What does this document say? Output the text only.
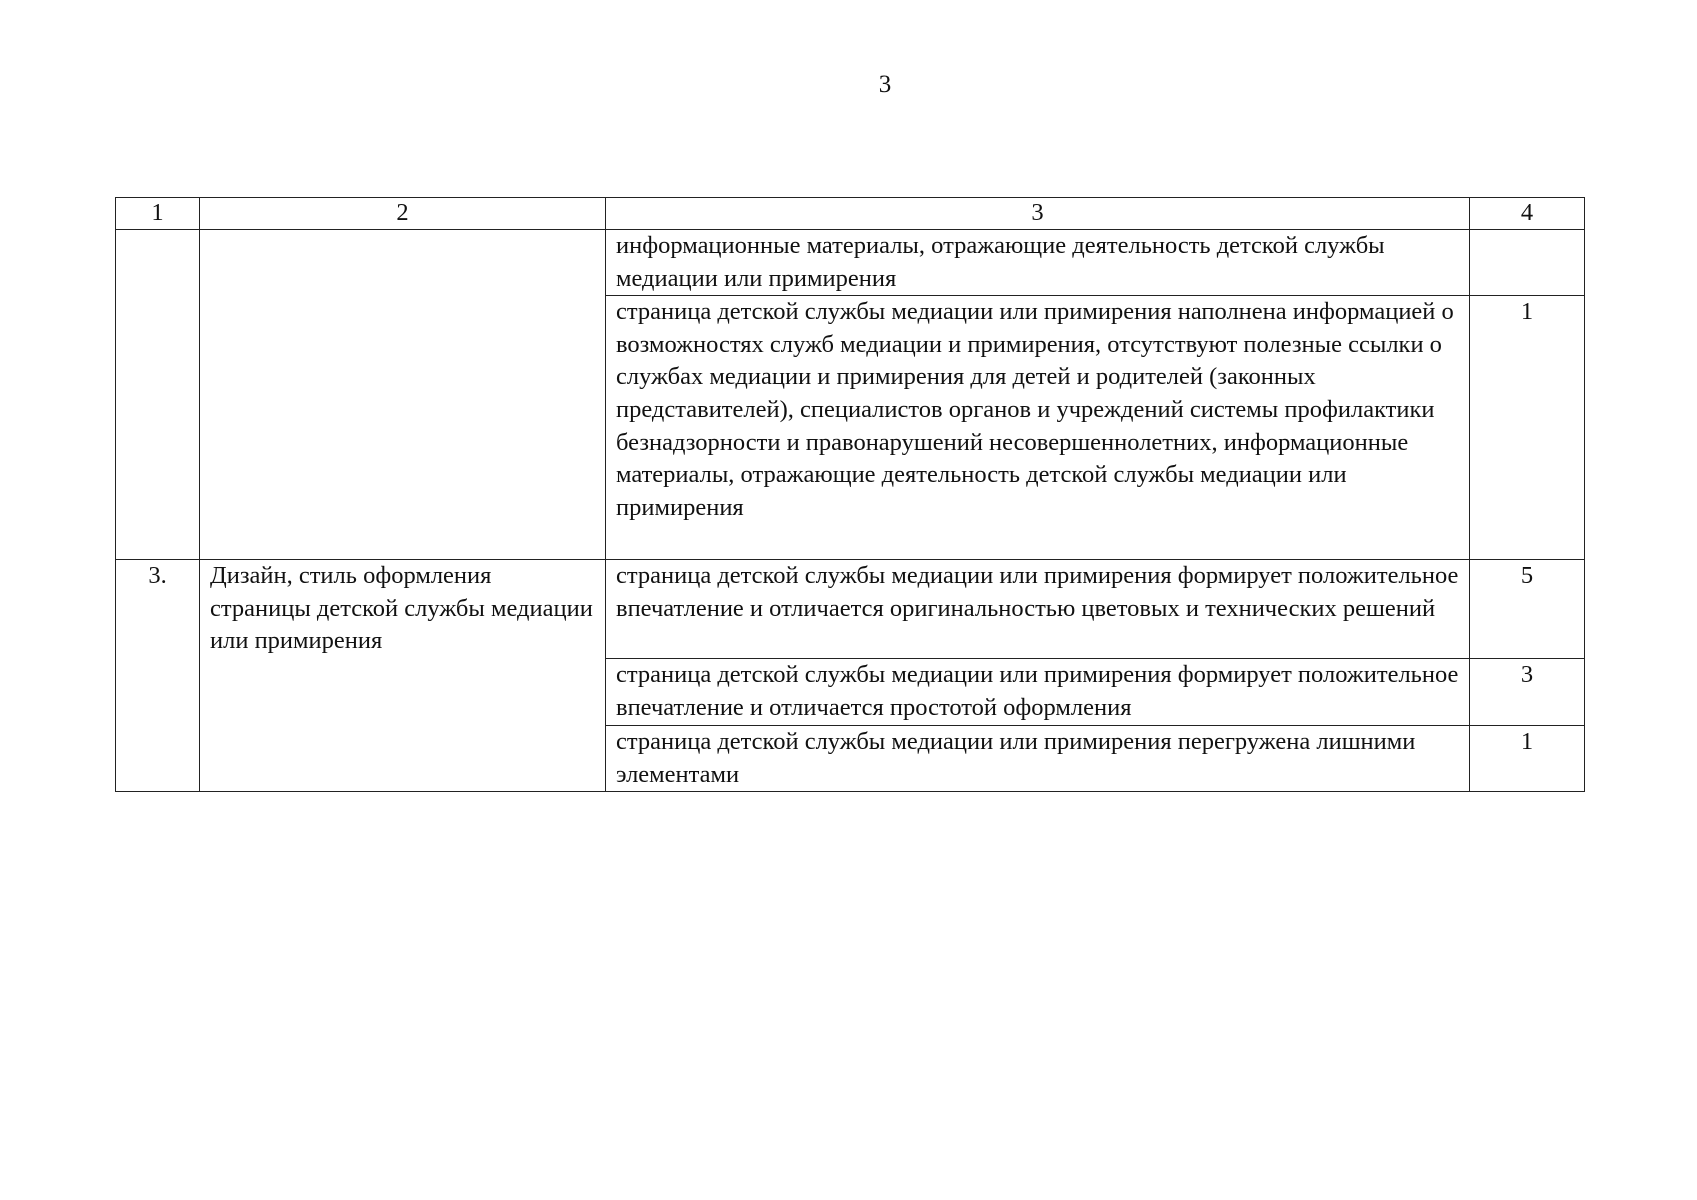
3
1	2	3	4
		информационные материалы, отражающие деятельность детской службы медиации или примирения	
		страница детской службы медиации или примирения наполнена информацией о возможностях служб медиации и примирения, отсутствуют полезные ссылки о службах медиации и примирения для детей и родителей (законных представителей), специалистов органов и учреждений системы профилактики безнадзорности и правонарушений несовершеннолетних, информационные материалы, отражающие деятельность детской службы медиации или примирения	1
3.	Дизайн, стиль оформления страницы детской службы медиации или примирения	страница детской службы медиации или примирения формирует положительное впечатление и отличается оригинальностью цветовых и технических решений	5
		страница детской службы медиации или примирения формирует положительное впечатление и отличается простотой оформления	3
		страница детской службы медиации или примирения перегружена лишними элементами	1
